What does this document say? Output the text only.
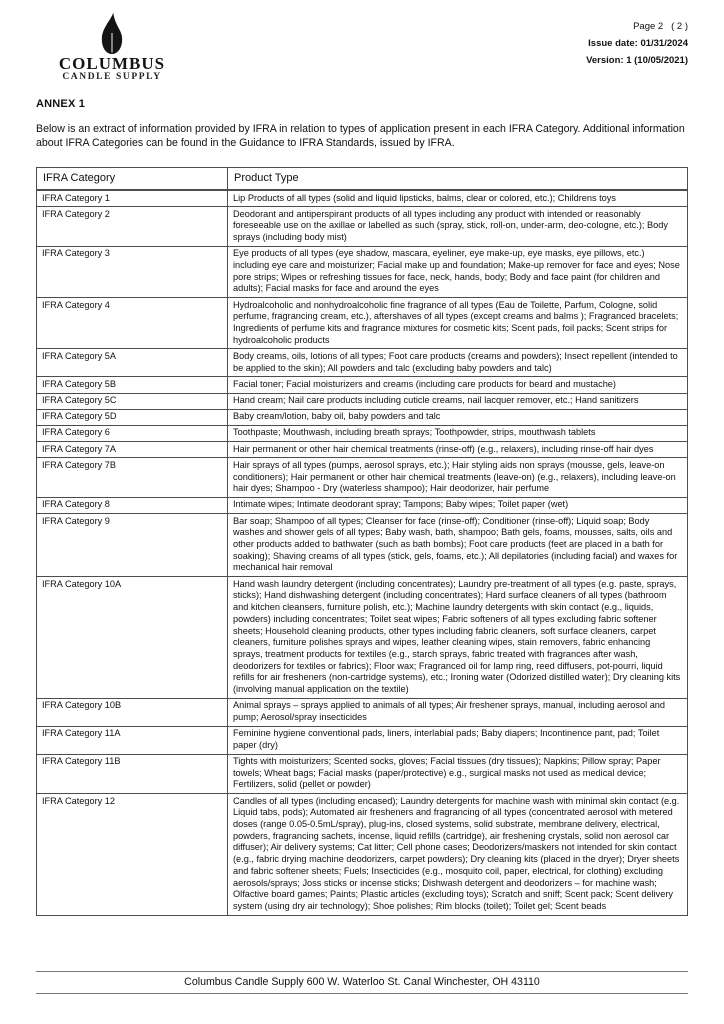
COLUMBUS
CANDLE SUPPLY
Page 2   ( 2 )
Issue date: 01/31/2024
Version: 1 (10/05/2021)
ANNEX 1

Below is an extract of information provided by IFRA in relation to types of application present in each IFRA Category. Additional information about IFRA Categories can be found in the Guidance to IFRA Standards, issued by IFRA.

IFRA Category	Product Type
IFRA Category 1	Lip Products of all types (solid and liquid lipsticks, balms, clear or colored, etc.); Childrens toys
IFRA Category 2	Deodorant and antiperspirant products of all types including any product with intended or reasonably foreseeable use on the axillae or labelled as such (spray, stick, roll-on, under-arm, deo-cologne, etc.); Body sprays (including body mist)
IFRA Category 3	Eye products of all types (eye shadow, mascara, eyeliner, eye make-up, eye masks, eye pillows, etc.) including eye care and moisturizer; Facial make up and foundation; Make-up remover for face and eyes; Nose pore strips; Wipes or refreshing tissues for face, neck, hands, body; Body and face paint (for children and adults); Facial masks for face and around the eyes
IFRA Category 4	Hydroalcoholic and nonhydroalcoholic fine fragrance of all types (Eau de Toilette, Parfum, Cologne, solid perfume, fragrancing cream, etc.), aftershaves of all types (except creams and balms ); Fragranced bracelets; Ingredients of perfume kits and fragrance mixtures for cosmetic kits; Scent pads, foil packs; Scent strips for hydroalcoholic products
IFRA Category 5A	Body creams, oils, lotions of all types; Foot care products (creams and powders); Insect repellent (intended to be applied to the skin); All powders and talc (excluding baby powders and talc)
IFRA Category 5B	Facial toner; Facial moisturizers and creams (including care products for beard and mustache)
IFRA Category 5C	Hand cream; Nail care products including cuticle creams, nail lacquer remover, etc.; Hand sanitizers
IFRA Category 5D	Baby cream/lotion, baby oil, baby powders and talc
IFRA Category 6	Toothpaste; Mouthwash, including breath sprays; Toothpowder, strips, mouthwash tablets
IFRA Category 7A	Hair permanent or other hair chemical treatments (rinse-off) (e.g., relaxers), including rinse-off hair dyes
IFRA Category 7B	Hair sprays of all types (pumps, aerosol sprays, etc.); Hair styling aids non sprays (mousse, gels, leave-on conditioners); Hair permanent or other hair chemical treatments (leave-on) (e.g., relaxers), including leave-on hair dyes; Shampoo - Dry (waterless shampoo); Hair deodorizer, hair perfume
IFRA Category 8	Intimate wipes; Intimate deodorant spray; Tampons; Baby wipes; Toilet paper (wet)
IFRA Category 9	Bar soap; Shampoo of all types; Cleanser for face (rinse-off); Conditioner (rinse-off); Liquid soap; Body washes and shower gels of all types; Baby wash, bath, shampoo; Bath gels, foams, mousses, salts, oils and other products added to bathwater (such as bath bombs); Foot care products (feet are placed in a bath for soaking); Shaving creams of all types (stick, gels, foams, etc.); All depilatories (including facial) and waxes for mechanical hair removal
IFRA Category 10A	Hand wash laundry detergent (including concentrates); Laundry pre-treatment of all types (e.g. paste, sprays, sticks); Hand dishwashing detergent (including concentrates); Hard surface cleaners of all types (bathroom and kitchen cleansers, furniture polish, etc.); Machine laundry detergents with skin contact (e.g., liquids, powders) including concentrates; Toilet seat wipes; Fabric softeners of all types excluding fabric softener sheets; Household cleaning products, other types including fabric cleaners, soft surface cleaners, carpet cleaners, furniture polishes sprays and wipes, leather cleaning wipes, stain removers, fabric enhancing sprays, treatment products for textiles (e.g., starch sprays, fabric treated with fragrances after wash, deodorizers for textiles or fabrics); Floor wax; Fragranced oil for lamp ring, reed diffusers, pot-pourri, liquid refills for air fresheners (non-cartridge systems), etc.; Ironing water (Odorized distilled water); Dry cleaning kits (involving manual application on the textile)
IFRA Category 10B	Animal sprays – sprays applied to animals of all types; Air freshener sprays, manual, including aerosol and pump; Aerosol/spray insecticides
IFRA Category 11A	Feminine hygiene conventional pads, liners, interlabial pads; Baby diapers; Incontinence pant, pad; Toilet paper (dry)
IFRA Category 11B	Tights with moisturizers; Scented socks, gloves; Facial tissues (dry tissues); Napkins; Pillow spray; Paper towels; Wheat bags; Facial masks (paper/protective) e.g., surgical masks not used as medical device; Fertilizers, solid (pellet or powder)
IFRA Category 12	Candles of all types (including encased); Laundry detergents for machine wash with minimal skin contact (e.g. Liquid tabs, pods); Automated air fresheners and fragrancing of all types (concentrated aerosol with metered doses (range 0.05-0.5mL/spray), plug-ins, closed systems, solid substrate, membrane delivery, electrical, powders, fragrancing sachets, incense, liquid refills (cartridge), air freshening crystals, solid non aerosol car diffuser); Air delivery systems; Cat litter; Cell phone cases; Deodorizers/maskers not intended for skin contact (e.g., fabric drying machine deodorizers, carpet powders); Dry cleaning kits (placed in the dryer); Dryer sheets and fabric softener sheets; Fuels; Insecticides (e.g., mosquito coil, paper, electrical, for clothing) excluding aerosols/sprays; Joss sticks or incense sticks; Dishwash detergent and deodorizers – for machine wash; Olfactive board games; Paints; Plastic articles (excluding toys); Scratch and sniff; Scent pack; Scent delivery system (using dry air technology); Shoe polishes; Rim blocks (toilet); Toilet gel; Scent beads
Columbus Candle Supply 600 W. Waterloo St. Canal Winchester, OH 43110
